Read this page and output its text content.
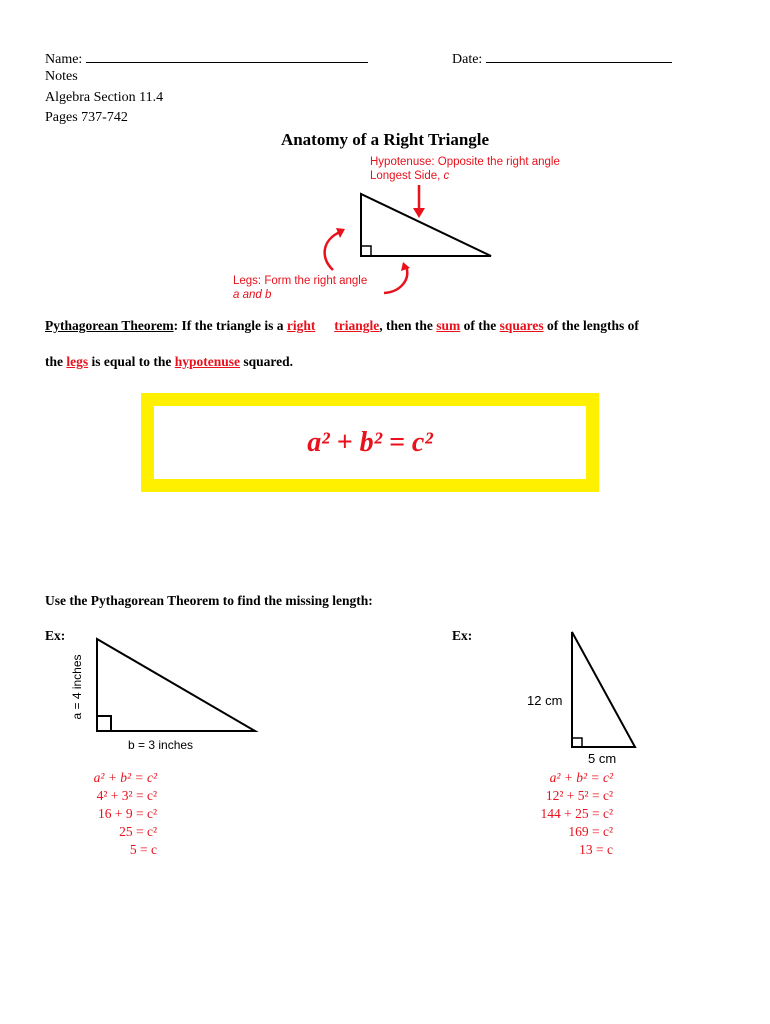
Name:	Date:
Notes
Algebra Section 11.4
Pages 737-742
Anatomy of a Right Triangle
Hypotenuse: Opposite the right angle
Longest Side, c
Legs: Form the right angle
a and b
Pythagorean Theorem: If the triangle is a right triangle, then the sum of the squares of the lengths of
the legs is equal to the hypotenuse squared.
a² + b² = c²
Use the Pythagorean Theorem to find the missing length:
Ex:
a = 4 inches
b = 3 inches
a² + b² = c²
4² + 3² = c²
16 + 9 = c²
25 = c²
5 = c
Ex:
12 cm
5 cm
a² + b² = c²
12² + 5² = c²
144 + 25 = c²
169 = c²
13 = c
